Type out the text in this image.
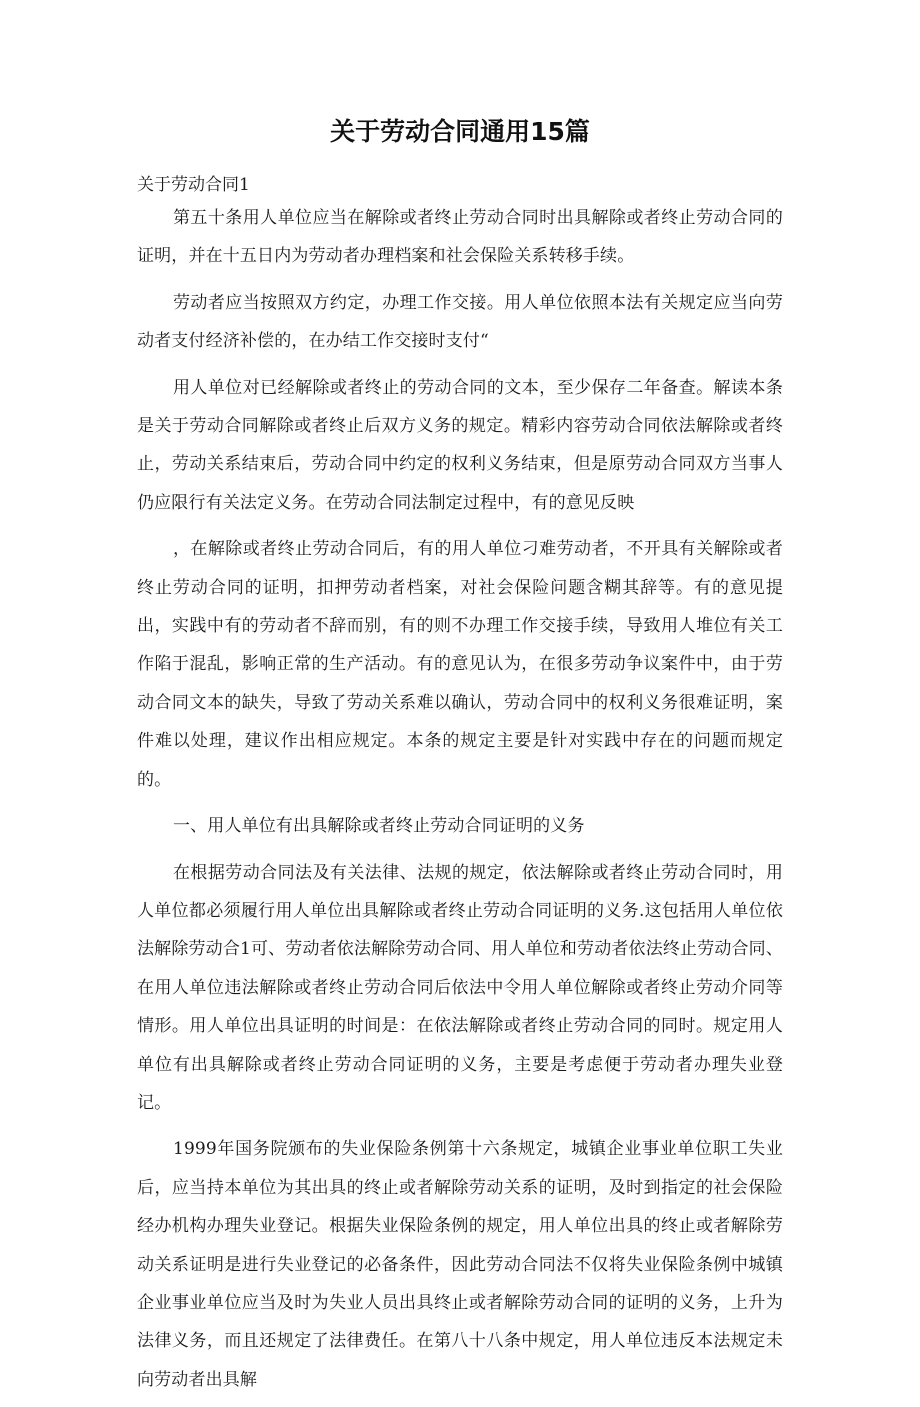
关于劳动合同通用15篇

关于劳动合同1

第五十条用人单位应当在解除或者终止劳动合同时出具解除或者终止劳动合同的证明，并在十五日内为劳动者办理档案和社会保险关系转移手续。

劳动者应当按照双方约定，办理工作交接。用人单位依照本法有关规定应当向劳动者支付经济补偿的，在办结工作交接时支付“

用人单位对已经解除或者终止的劳动合同的文本，至少保存二年备查。解读本条是关于劳动合同解除或者终止后双方义务的规定。精彩内容劳动合同依法解除或者终止，劳动关系结束后，劳动合同中约定的权利义务结束，但是原劳动合同双方当事人仍应限行有关法定义务。在劳动合同法制定过程中，有的意见反映

，在解除或者终止劳动合同后，有的用人单位刁难劳动者，不开具有关解除或者终止劳动合同的证明，扣押劳动者档案，对社会保险问题含糊其辞等。有的意见提出，实践中有的劳动者不辞而别，有的则不办理工作交接手续，导致用人堆位有关工作陷于混乱，影响正常的生产活动。有的意见认为，在很多劳动争议案件中，由于劳动合同文本的缺失，导致了劳动关系难以确认，劳动合同中的权利义务很难证明，案件难以处理，建议作出相应规定。本条的规定主要是针对实践中存在的问题而规定的。

一、用人单位有出具解除或者终止劳动合同证明的义务

在根据劳动合同法及有关法律、法规的规定，依法解除或者终止劳动合同时，用人单位都必须履行用人单位出具解除或者终止劳动合同证明的义务.这包括用人单位依法解除劳动合1可、劳动者依法解除劳动合同、用人单位和劳动者依法终止劳动合同、在用人单位违法解除或者终止劳动合同后依法中令用人单位解除或者终止劳动介同等情形。用人单位出具证明的时间是：在依法解除或者终止劳动合同的同时。规定用人单位有出具解除或者终止劳动合同证明的义务，主要是考虑便于劳动者办理失业登记。

1999年国务院颁布的失业保险条例第十六条规定，城镇企业事业单位职工失业后，应当持本单位为其出具的终止或者解除劳动关系的证明，及时到指定的社会保险经办机构办理失业登记。根据失业保险条例的规定，用人单位出具的终止或者解除劳动关系证明是进行失业登记的必备条件，因此劳动合同法不仅将失业保险条例中城镇企业事业单位应当及时为失业人员出具终止或者解除劳动合同的证明的义务，上升为法律义务，而且还规定了法律费任。在第八十八条中规定，用人单位违反本法规定未向劳动者出具解
